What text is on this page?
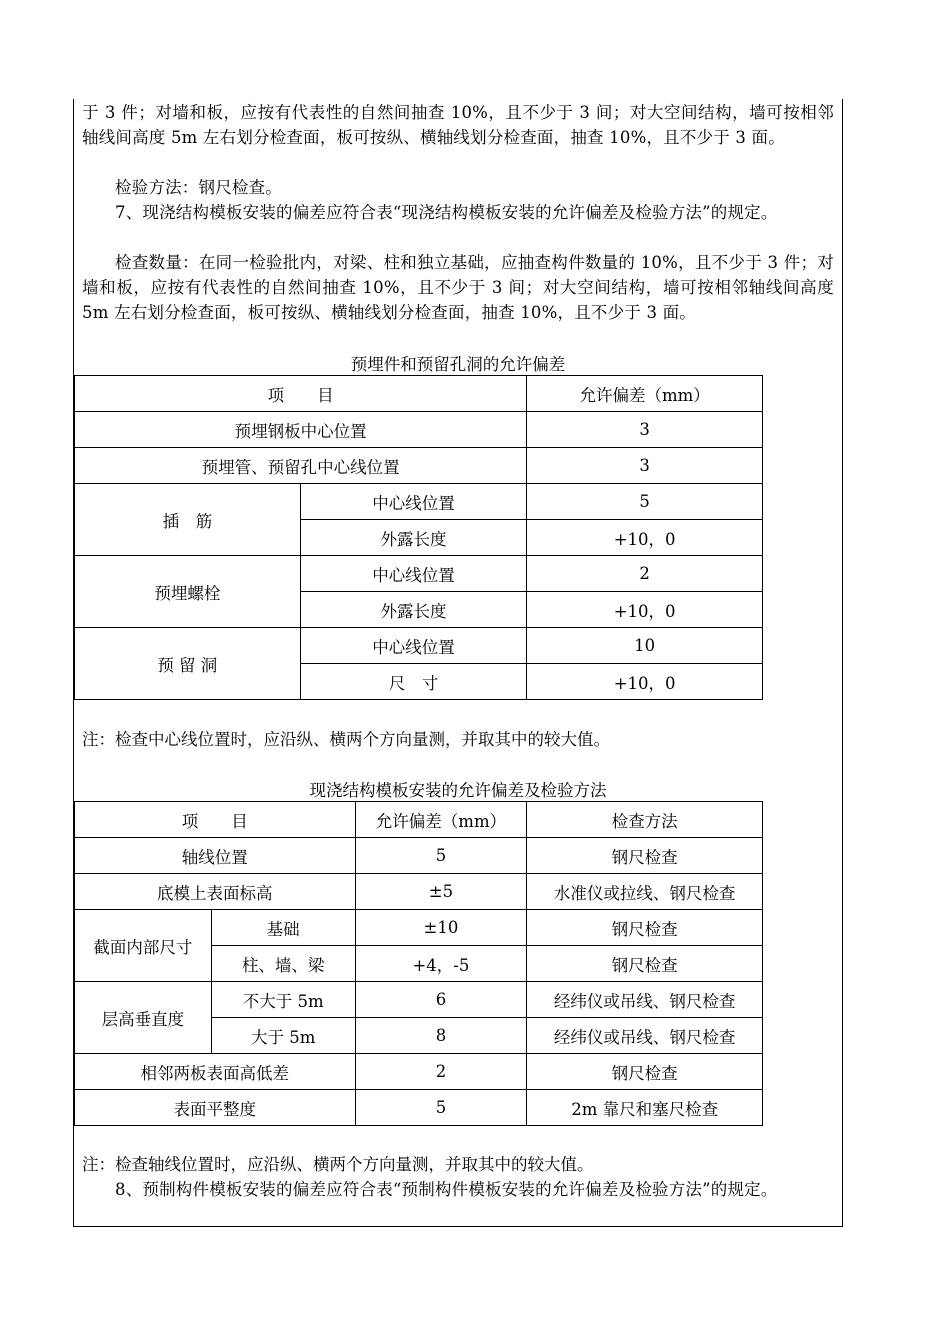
于 3 件；对墙和板，应按有代表性的自然间抽查 10%，且不少于 3 间；对大空间结构，墙可按相邻轴线间高度 5m 左右划分检查面，板可按纵、横轴线划分检查面，抽查 10%，且不少于 3 面。
检验方法：钢尺检查。
7、现浇结构模板安装的偏差应符合表“现浇结构模板安装的允许偏差及检验方法”的规定。
检查数量：在同一检验批内，对梁、柱和独立基础，应抽查构件数量的 10%，且不少于 3 件；对墙和板，应按有代表性的自然间抽查 10%，且不少于 3 间；对大空间结构，墙可按相邻轴线间高度 5m 左右划分检查面，板可按纵、横轴线划分检查面，抽查 10%，且不少于 3 面。
预埋件和预留孔洞的允许偏差
项　　目		允许偏差（mm）
预埋钢板中心位置		3
预埋管、预留孔中心线位置		3
插　筋	中心线位置	5
	外露长度	+10，0
预埋螺栓	中心线位置	2
	外露长度	+10，0
预 留 洞	中心线位置	10
	尺　寸	+10，0
注：检查中心线位置时，应沿纵、横两个方向量测，并取其中的较大值。
现浇结构模板安装的允许偏差及检验方法
项　　目		允许偏差（mm）	检查方法
轴线位置		5	钢尺检查
底模上表面标高		±5	水准仪或拉线、钢尺检查
截面内部尺寸	基础	±10	钢尺检查
	柱、墙、梁	+4，-5	钢尺检查
层高垂直度	不大于 5m	6	经纬仪或吊线、钢尺检查
	大于 5m	8	经纬仪或吊线、钢尺检查
相邻两板表面高低差		2	钢尺检查
表面平整度		5	2m 靠尺和塞尺检查
注：检查轴线位置时，应沿纵、横两个方向量测，并取其中的较大值。
8、预制构件模板安装的偏差应符合表“预制构件模板安装的允许偏差及检验方法”的规定。
